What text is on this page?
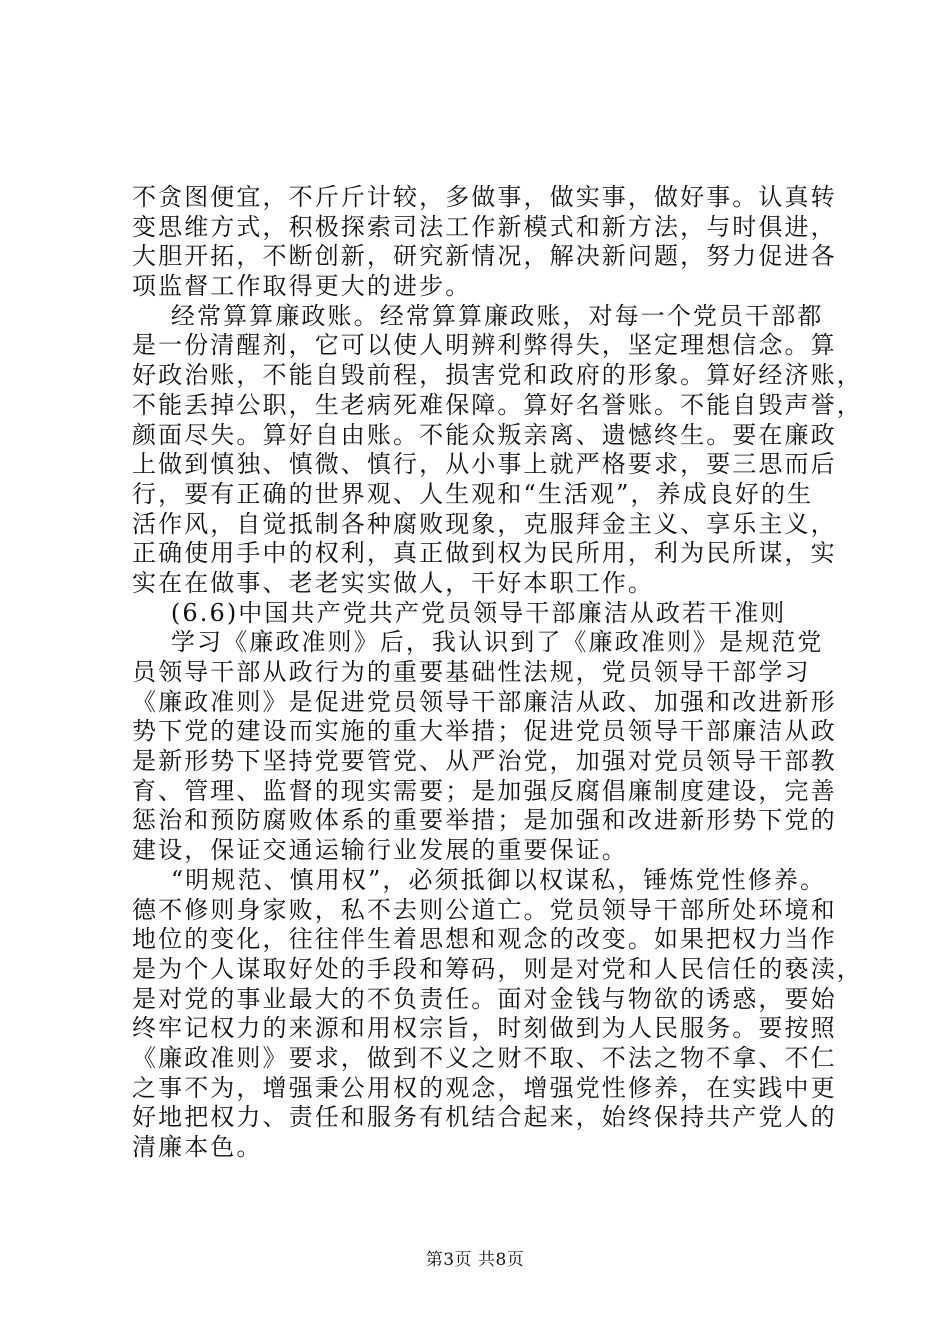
不贪图便宜，不斤斤计较，多做事，做实事，做好事。认真转
变思维方式，积极探索司法工作新模式和新方法，与时俱进，
大胆开拓，不断创新，研究新情况，解决新问题，努力促进各
项监督工作取得更大的进步。
经常算算廉政账。经常算算廉政账，对每一个党员干部都
是一份清醒剂，它可以使人明辨利弊得失，坚定理想信念。算
好政治账，不能自毁前程，损害党和政府的形象。算好经济账，
不能丢掉公职，生老病死难保障。算好名誉账。不能自毁声誉，
颜面尽失。算好自由账。不能众叛亲离、遗憾终生。要在廉政
上做到慎独、慎微、慎行，从小事上就严格要求，要三思而后
行，要有正确的世界观、人生观和“生活观”，养成良好的生
活作风，自觉抵制各种腐败现象，克服拜金主义、享乐主义，
正确使用手中的权利，真正做到权为民所用，利为民所谋，实
实在在做事、老老实实做人，干好本职工作。
(6.6)中国共产党共产党员领导干部廉洁从政若干准则
学习《廉政准则》后，我认识到了《廉政准则》是规范党
员领导干部从政行为的重要基础性法规，党员领导干部学习
《廉政准则》是促进党员领导干部廉洁从政、加强和改进新形
势下党的建设而实施的重大举措；促进党员领导干部廉洁从政
是新形势下坚持党要管党、从严治党，加强对党员领导干部教
育、管理、监督的现实需要；是加强反腐倡廉制度建设，完善
惩治和预防腐败体系的重要举措；是加强和改进新形势下党的
建设，保证交通运输行业发展的重要保证。
“明规范、慎用权”，必须抵御以权谋私，锤炼党性修养。
德不修则身家败，私不去则公道亡。党员领导干部所处环境和
地位的变化，往往伴生着思想和观念的改变。如果把权力当作
是为个人谋取好处的手段和筹码，则是对党和人民信任的亵渎，
是对党的事业最大的不负责任。面对金钱与物欲的诱惑，要始
终牢记权力的来源和用权宗旨，时刻做到为人民服务。要按照
《廉政准则》要求，做到不义之财不取、不法之物不拿、不仁
之事不为，增强秉公用权的观念，增强党性修养，在实践中更
好地把权力、责任和服务有机结合起来，始终保持共产党人的
清廉本色。
第3页 共8页
